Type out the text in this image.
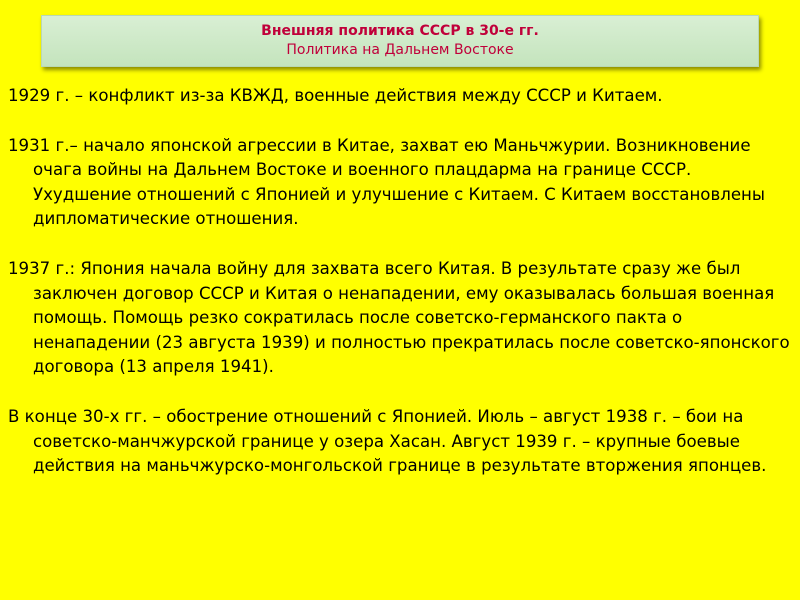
Внешняя политика СССР в 30-е гг.
Политика на Дальнем Востоке

1929 г. – конфликт из-за КВЖД, военные действия между СССР и Китаем.

1931 г.– начало японской агрессии в Китае, захват ею Маньчжурии. Возникновение очага войны на Дальнем Востоке и военного плацдарма на границе СССР. Ухудшение отношений с Японией и улучшение с Китаем. С Китаем восстановлены дипломатические отношения.

1937 г.: Япония начала войну для захвата всего Китая. В результате сразу же был заключен договор СССР и Китая о ненападении, ему оказывалась большая военная помощь. Помощь резко сократилась после советско-германского пакта о ненападении (23 августа 1939) и полностью прекратилась после советско-японского договора (13 апреля 1941).

В конце 30-х гг. – обострение отношений с Японией. Июль – август 1938 г. – бои на советско-манчжурской границе у озера Хасан. Август 1939 г. – крупные боевые действия на маньчжурско-монгольской границе в результате вторжения японцев.
